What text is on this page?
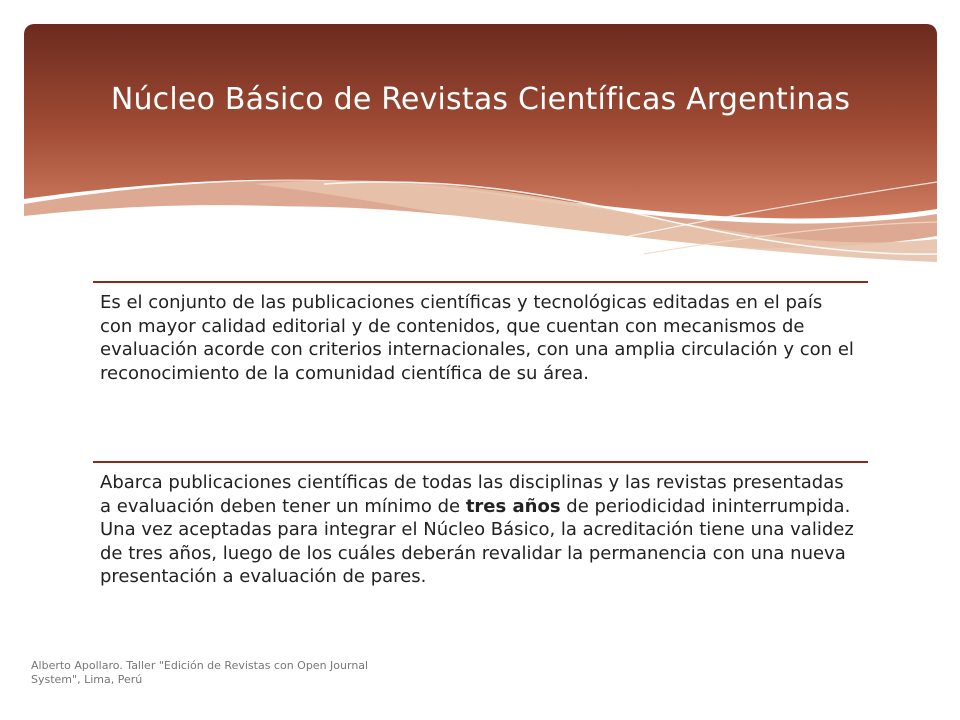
Núcleo Básico de Revistas Científicas Argentinas
Es el conjunto de las publicaciones científicas y tecnológicas editadas en el país con mayor calidad editorial y de contenidos, que cuentan con mecanismos de evaluación acorde con criterios internacionales, con una amplia circulación y con el reconocimiento de la comunidad científica de su área.
Abarca publicaciones científicas de todas las disciplinas y las revistas presentadas a evaluación deben tener un mínimo de tres años de periodicidad ininterrumpida. Una vez aceptadas para integrar el Núcleo Básico, la acreditación tiene una validez de tres años, luego de los cuáles deberán revalidar la permanencia con una nueva presentación a evaluación de pares.
Alberto Apollaro. Taller "Edición de Revistas con Open Journal System", Lima, Perú
